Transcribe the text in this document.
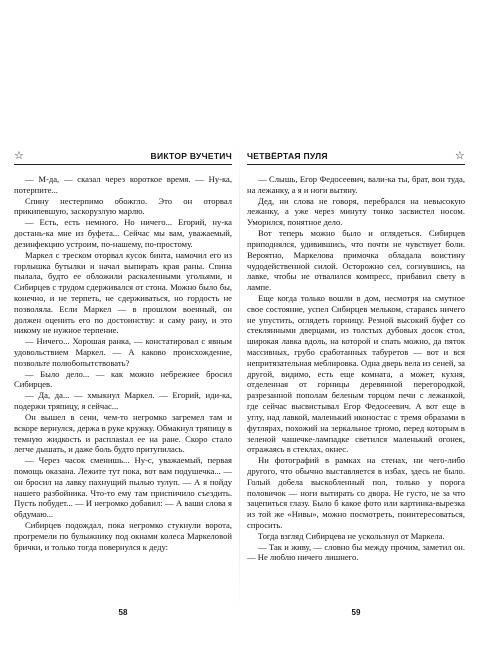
☆	ВИКТОР ВУЧЕТИЧ

— М-да, — сказал через короткое время. — Ну-ка, потерпите...

Спину нестерпимо обожгло. Это он оторвал прикипевшую, заскорузлую марлю.

— Есть, есть немного. Но ничего... Егорий, ну-ка достань-ка мне из буфета... Сейчас мы вам, уважаемый, дезинфекцию устроим, по-нашему, по-простому.

Маркел с треском оторвал кусок бинта, намочил его из горлышка бутылки и начал выпирать края раны. Спина пылала, будто ее обложили раскаленными угольями, и Сибирцев с трудом сдерживался от стона. Можно было бы, конечно, и не терпеть, не сдерживаться, но гордость не позволяла. Если Маркел — в прошлом военный, он должен оценить его по достоинству: и саму рану, и это никому не нужное терпение.

— Ничего... Хорошая ранка, — констатировал с явным удовольствием Маркел. — А каково происхождение, позвольте полюбопытствовать?

— Было дело... — как можно небрежнее бросил Сибирцев.

— Да, да... — хмыкнул Маркел. — Егорий, иди-ка, подержи тряпицу, я сейчас...

Он вышел в сени, чем-то негромко загремел там и вскоре вернулся, держа в руке кружку. Обмакнул тряпицу в темную жидкость и расплastал ее на ране. Скоро стало легче дышать, и даже боль будто притупилась.

— Через часок сменишь... Ну-с, уважаемый, первая помощь оказана. Лежите тут пока, вот вам подушечка... — он бросил на лавку пахнущий пылью тулуп. — А я пойду нашего разбойника. Что-то ему там приспичило съездить. Пусть побудет... — И негромко добавил: — А ваши слова я обдумаю...

Сибирцев подождал, пока негромко стукнули ворота, прогремели по булыжнику под окнами колеса Маркеловой брички, и только тогда повернулся к деду:

58
ЧЕТВЁРТАЯ ПУЛЯ	☆

— Слышь, Егор Федосеевич, вали-ка ты, брат, вон туда, на лежанку, а я и ноги вытяну.

Дед, ни слова не говоря, перебрался на невысокую лежанку, а уже через минуту тонко засвистел носом. Уморился, понятное дело.

Вот теперь можно было и оглядеться. Сибирцев приподнялся, удивившись, что почти не чувствует боли. Вероятно, Маркелова примочка обладала воистину чудодейственной силой. Осторожно сел, согнувшись, на лавке, чтобы не отвалился компресс, прибавил свету в лампе.

Еще когда только вошли в дом, несмотря на смутное свое состояние, успел Сибирцев мельком, стараясь ничего не упустить, оглядеть горницу. Резной высокий буфет со стеклянными дверцами, из толстых дубовых досок стол, широкая лавка вдоль, на которой и спать можно, да пяток массивных, грубо сработанных табуретов — вот и вся непритязательная меблировка. Одна дверь вела из сеней, за другой, видимо, есть еще комната, а может, кухня, отделенная от горницы деревянной перегородкой, разрезанной пополам беленым торцом печи с лежанкой, где сейчас высвистывал Егор Федосеевич. А вот еще в углу, над лавкой, маленький иконостас с тремя образами в футлярах, похожий на зеркальное трюмо, перед которым в зеленой чашечке-лампадке светился маленький огонек, отражаясь в стеклах, окнес.

Ни фотографий в рамках на стенах, ни чего-либо другого, что обычно выставляется в избах, здесь не было. Голый добела выскобленный пол, только у порога половичок — ноги вытирать со двора. Не густо, не за что зацепиться глазу. Было б какое фото или картинка-вырезка из той же «Нивы», можно посмотреть, поинтересоваться, спросить.

Тогда взгляд Сибирцева не ускользнул от Маркела.

— Так и живу, — словно бы между прочим, заметил он. — Не люблю ничего лишнего.

59
